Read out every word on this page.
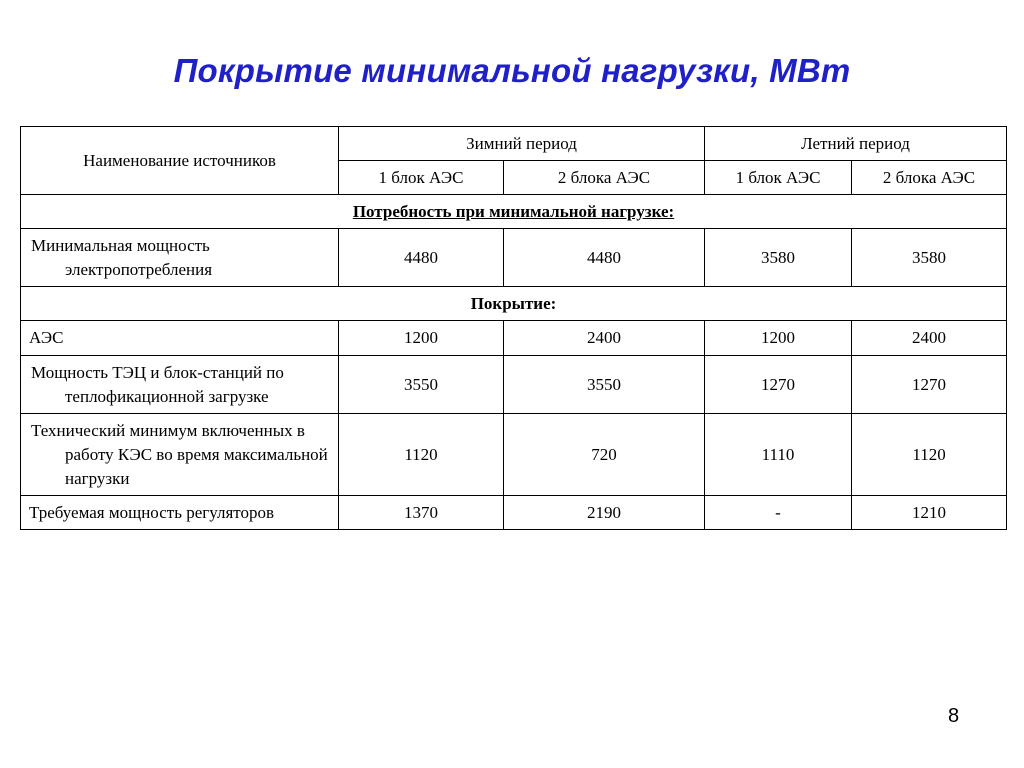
Покрытие минимальной нагрузки, МВт
Наименование источников	Зимний период		Летний период	
	1 блок АЭС	2 блока АЭС	1 блок АЭС	2 блока АЭС
Потребность при минимальной нагрузке:				
Минимальная мощность электропотребления	4480	4480	3580	3580
Покрытие:				
АЭС	1200	2400	1200	2400
Мощность ТЭЦ и блок-станций по теплофикационной загрузке	3550	3550	1270	1270
Технический минимум включенных в работу КЭС во время максимальной нагрузки	1120	720	1110	1120
Требуемая мощность регуляторов	1370	2190	-	1210
8
